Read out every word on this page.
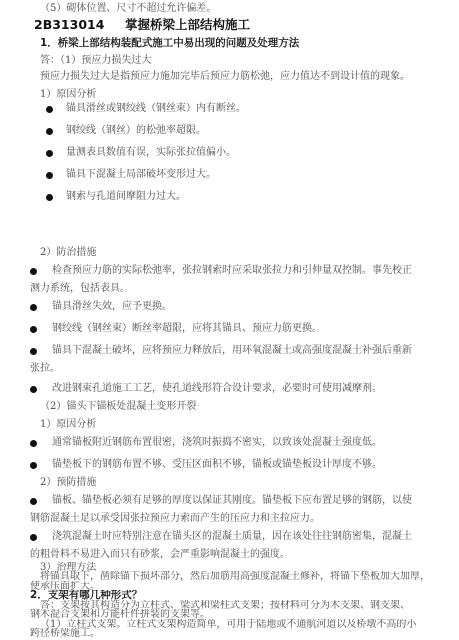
（5）砌体位置、尺寸不超过允许偏差。
2B313014 掌握桥梁上部结构施工
1．桥梁上部结构装配式施工中易出现的问题及处理方法
答：（1）预应力损失过大
预应力损失过大是指预应力施加完毕后预应力筋松弛，应力值达不到设计值的现象。
1）原因分析
锚具滑丝或钢绞线（钢丝束）内有断丝。
钢绞线（钢丝）的松弛率超限。
量测表具数值有误，实际张拉值偏小。
锚具下混凝土局部破坏变形过大。
钢索与孔道间摩阻力过大。
2）防治措施
检查预应力筋的实际松弛率，张拉钢索时应采取张拉力和引伸量双控制。事先校正
测力系统，包括表具。
锚具滑丝失效，应予更换。
钢绞线（钢丝束）断丝率超限，应将其锚具、预应力筋更换。
锚具下混凝土破坏，应将预应力释放后，用环氧混凝土或高强度混凝土补强后重新
张拉。
改进钢束孔道施工工艺，使孔道线形符合设计要求，必要时可使用减摩剂。
（2）锚头下锚板处混凝土变形开裂
1）原因分析
通常锚板附近钢筋布置很密，浇筑时振捣不密实，以致该处混凝土强度低。
锚垫板下的钢筋布置不够、受压区面积不够，锚板或锚垫板设计厚度不够。
2）预防措施
锚板、锚垫板必须有足够的厚度以保证其刚度。锚垫板下应布置足够的钢筋，以使
钢筋混凝土足以承受因张拉预应力索而产生的压应力和主拉应力。
浇筑混凝土时应特别注意在锚头区的混凝土质量，因在该处往往钢筋密集，混凝土
的粗骨料不易进入而只有砂浆，会严重影响混凝土的强度。
3）治理方法
将锚具取下，凿除锚下损坏部分，然后加筋用高强度混凝土修补，将锚下垫板加大加厚，
使承压面扩大。
2．支架有哪几种形式？
答：支架按其构造分为立柱式、梁式和梁柱式支架；按材料可分为木支架、钢支架、
钢木混合支架和万能杆件拼装的支架等。
（1）立柱式支架。立柱式支架构造简单，可用于陆地或不通航河道以及桥墩不高的小
跨径桥梁施工。
